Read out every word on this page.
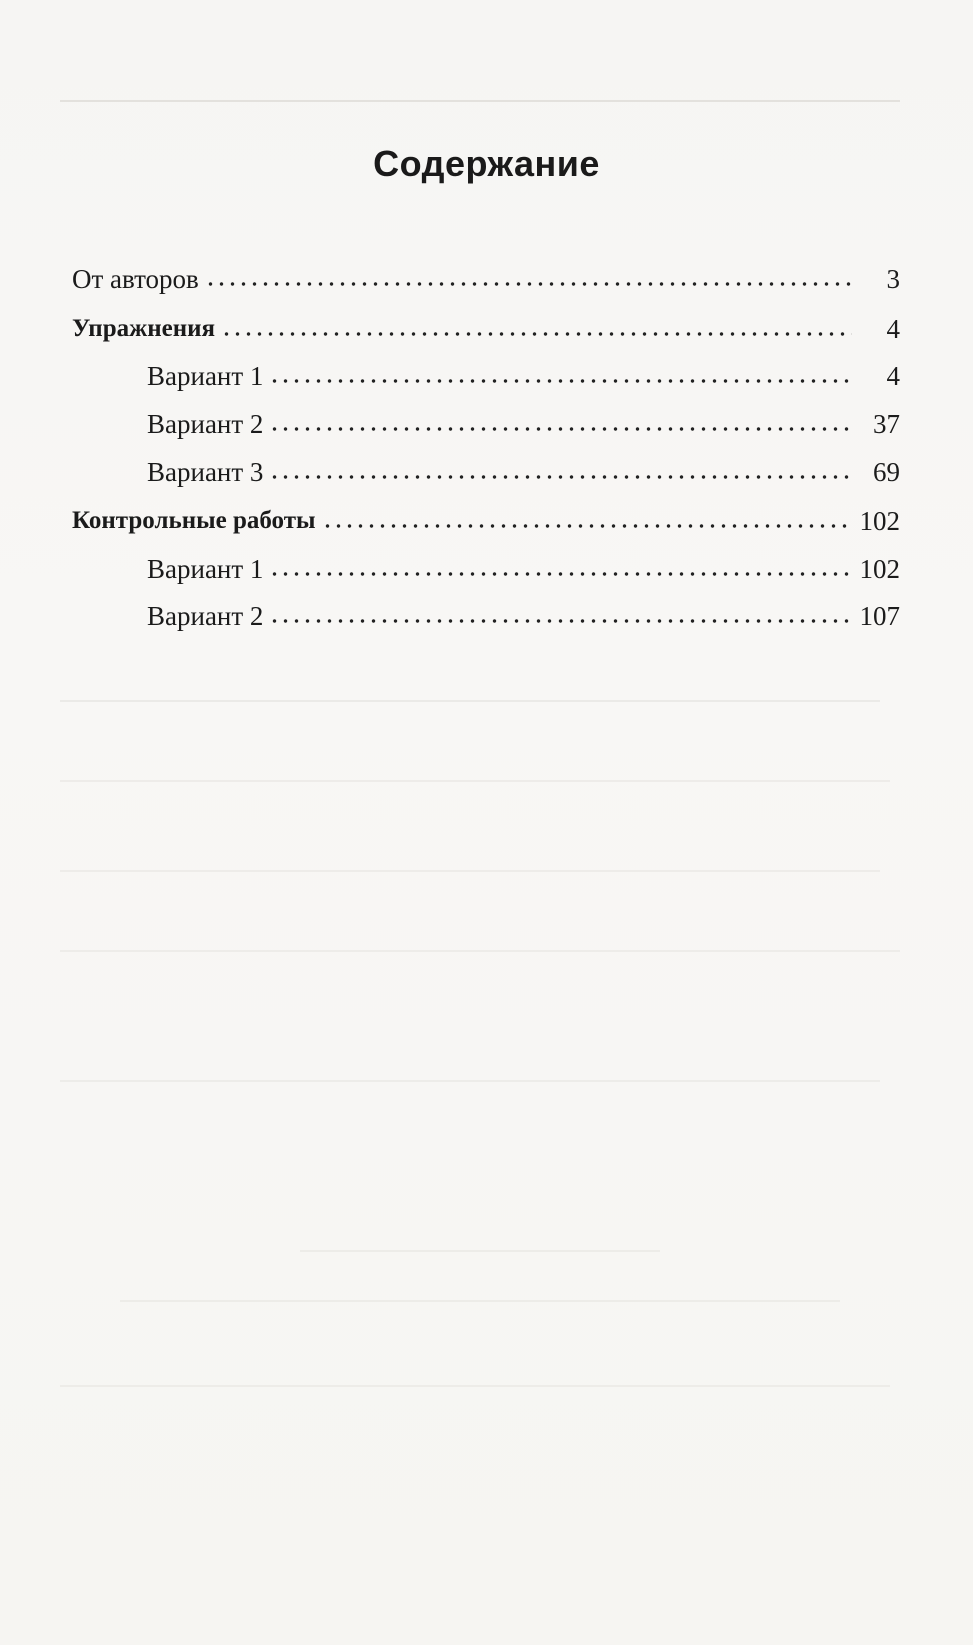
Содержание
От авторов	3
Упражнения	4
Вариант 1	4
Вариант 2	37
Вариант 3	69
Контрольные работы	102
Вариант 1	102
Вариант 2	107
